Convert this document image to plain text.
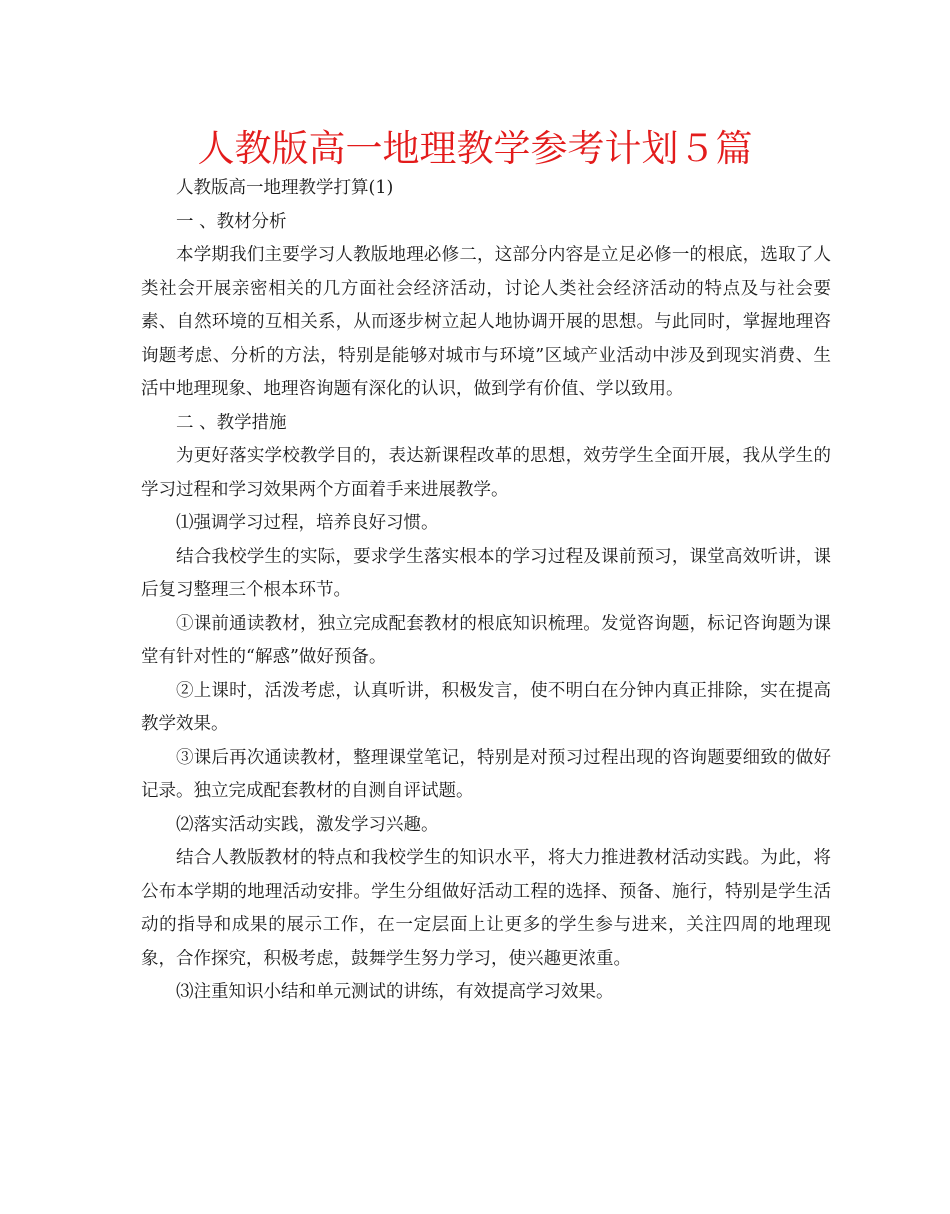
人教版高一地理教学参考计划５篇

人教版高一地理教学打算(1)

一 、教材分析

本学期我们主要学习人教版地理必修二，这部分内容是立足必修一的根底，选取了人类社会开展亲密相关的几方面社会经济活动，讨论人类社会经济活动的特点及与社会要素、自然环境的互相关系，从而逐步树立起人地协调开展的思想。与此同时，掌握地理咨询题考虑、分析的方法，特别是能够对城市与环境”区域产业活动中涉及到现实消费、生活中地理现象、地理咨询题有深化的认识，做到学有价值、学以致用。

二 、教学措施

为更好落实学校教学目的，表达新课程改革的思想，效劳学生全面开展，我从学生的学习过程和学习效果两个方面着手来进展教学。

⑴强调学习过程，培养良好习惯。

结合我校学生的实际，要求学生落实根本的学习过程及课前预习，课堂高效听讲，课后复习整理三个根本环节。

①课前通读教材，独立完成配套教材的根底知识梳理。发觉咨询题，标记咨询题为课堂有针对性的“解惑”做好预备。

②上课时，活泼考虑，认真听讲，积极发言，使不明白在分钟内真正排除，实在提高教学效果。

③课后再次通读教材，整理课堂笔记，特别是对预习过程出现的咨询题要细致的做好记录。独立完成配套教材的自测自评试题。

⑵落实活动实践，激发学习兴趣。

结合人教版教材的特点和我校学生的知识水平，将大力推进教材活动实践。为此，将公布本学期的地理活动安排。学生分组做好活动工程的选择、预备、施行，特别是学生活动的指导和成果的展示工作，在一定层面上让更多的学生参与进来，关注四周的地理现象，合作探究，积极考虑，鼓舞学生努力学习，使兴趣更浓重。

⑶注重知识小结和单元测试的讲练，有效提高学习效果。
